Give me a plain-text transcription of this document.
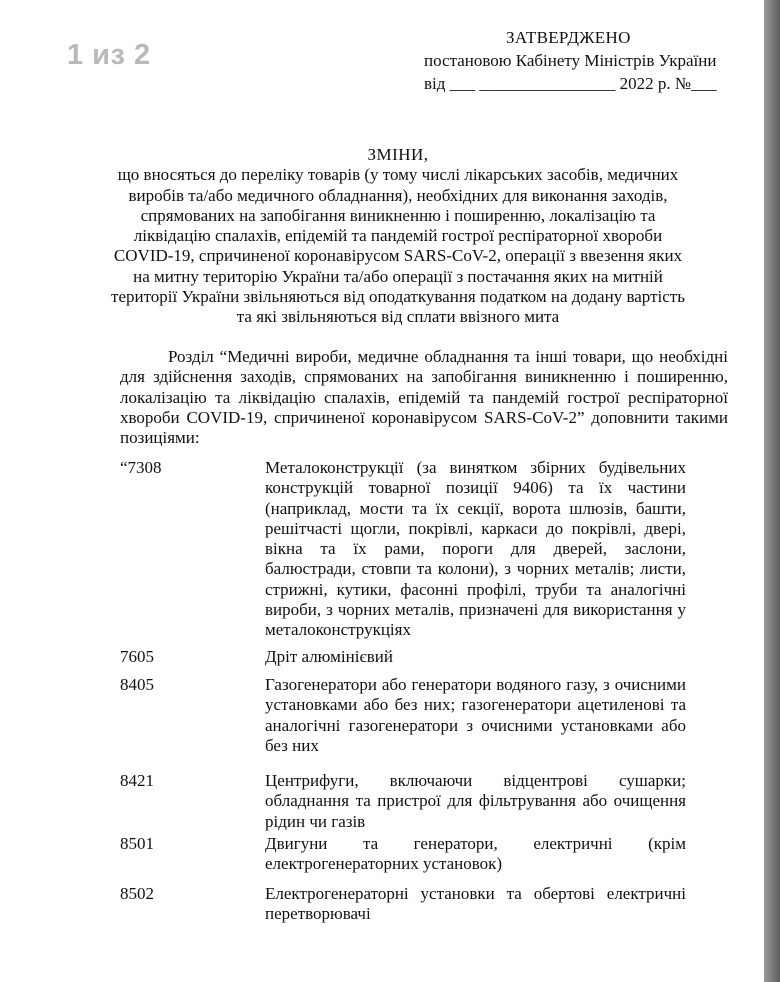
1 из 2
ЗАТВЕРДЖЕНО
постановою Кабінету Міністрів України
від ___ ________________ 2022 р. №___
ЗМІНИ,
що вносяться до переліку товарів (у тому числі лікарських засобів, медичних
виробів та/або медичного обладнання), необхідних для виконання заходів,
спрямованих на запобігання виникненню і поширенню, локалізацію та
ліквідацію спалахів, епідемій та пандемій гострої респіраторної хвороби
COVID-19, спричиненої коронавірусом SARS-CoV-2, операції з ввезення яких
на митну територію України та/або операції з постачання яких на митній
території України звільняються від оподаткування податком на додану вартість
та які звільняються від сплати ввізного мита
Розділ “Медичні вироби, медичне обладнання та інші товари, що необхідні для здійснення заходів, спрямованих на запобігання виникненню і поширенню, локалізацію та ліквідацію спалахів, епідемій та пандемій гострої респіраторної хвороби COVID-19, спричиненої коронавірусом SARS-CoV-2” доповнити такими позиціями:
“7308	Металоконструкції (за винятком збірних будівельних конструкцій товарної позиції 9406) та їх частини (наприклад, мости та їх секції, ворота шлюзів, башти, решітчасті щогли, покрівлі, каркаси до покрівлі, двері, вікна та їх рами, пороги для дверей, заслони, балюстради, стовпи та колони), з чорних металів; листи, стрижні, кутики, фасонні профілі, труби та аналогічні вироби, з чорних металів, призначені для використання у металоконструкціях
7605	Дріт алюмінієвий
8405	Газогенератори або генератори водяного газу, з очисними установками або без них; газогенератори ацетиленові та аналогічні газогенератори з очисними установками або без них
8421	Центрифуги, включаючи відцентрові сушарки; обладнання та пристрої для фільтрування або очищення рідин чи газів
8501	Двигуни та генератори, електричні (крім електрогенераторних установок)
8502	Електрогенераторні установки та обертові електричні перетворювачі
